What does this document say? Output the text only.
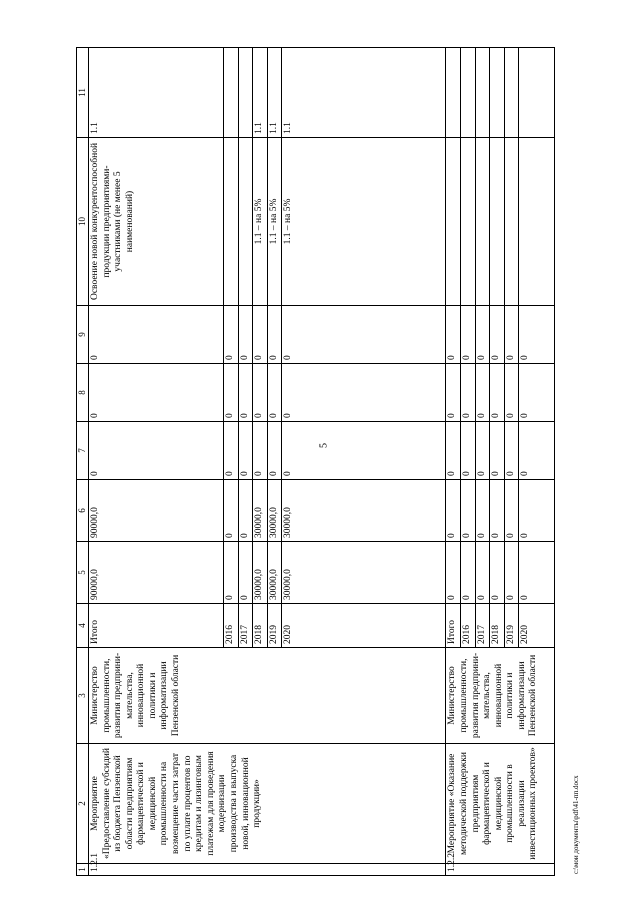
5
1	2	3	4	5	6	7	8	9	10	11
1.2.1	Мероприятие «Предоставление субсидий из бюджета Пензенской области предприятиям фармацевтической и медицинской промышленности на возмещение части затрат по уплате процентов по кредитам и лизинговым платежам для проведения модернизации производства и выпуска новой, инновационной продукции»	Министерство промышленности, развития предприни-мательства, инновационной политики и информатизации Пензенской области	Итого	90000,0	90000,0	0	0	0	Освоение новой конкурентоспособной продукции предприятиями-участниками (не менее 5 наименований)	1.1
			2016	0	0	0	0	0		
			2017	0	0	0	0	0		
			2018	30000,0	30000,0	0	0	0	1.1 – на 5%	1.1
			2019	30000,0	30000,0	0	0	0	1.1 – на 5%	1.1
			2020	30000,0	30000,0	0	0	0	1.1 – на 5%	1.1

1.2.2	Мероприятие «Оказание методической поддержки предприятиям фармацевтической и медицинской промышленности в реализации инвестиционных проектов»	Министерство промышленности, развития предприни-мательства, инновационной политики и информатизации Пензенской области	Итого	0	0	0	0	0		
			2016	0	0	0	0	0		
			2017	0	0	0	0	0		
			2018	0	0	0	0	0		
			2019	0	0	0	0	0		
			2020	0	0	0	0	0		

c:\мои документы\pdf\41-пп.docx
